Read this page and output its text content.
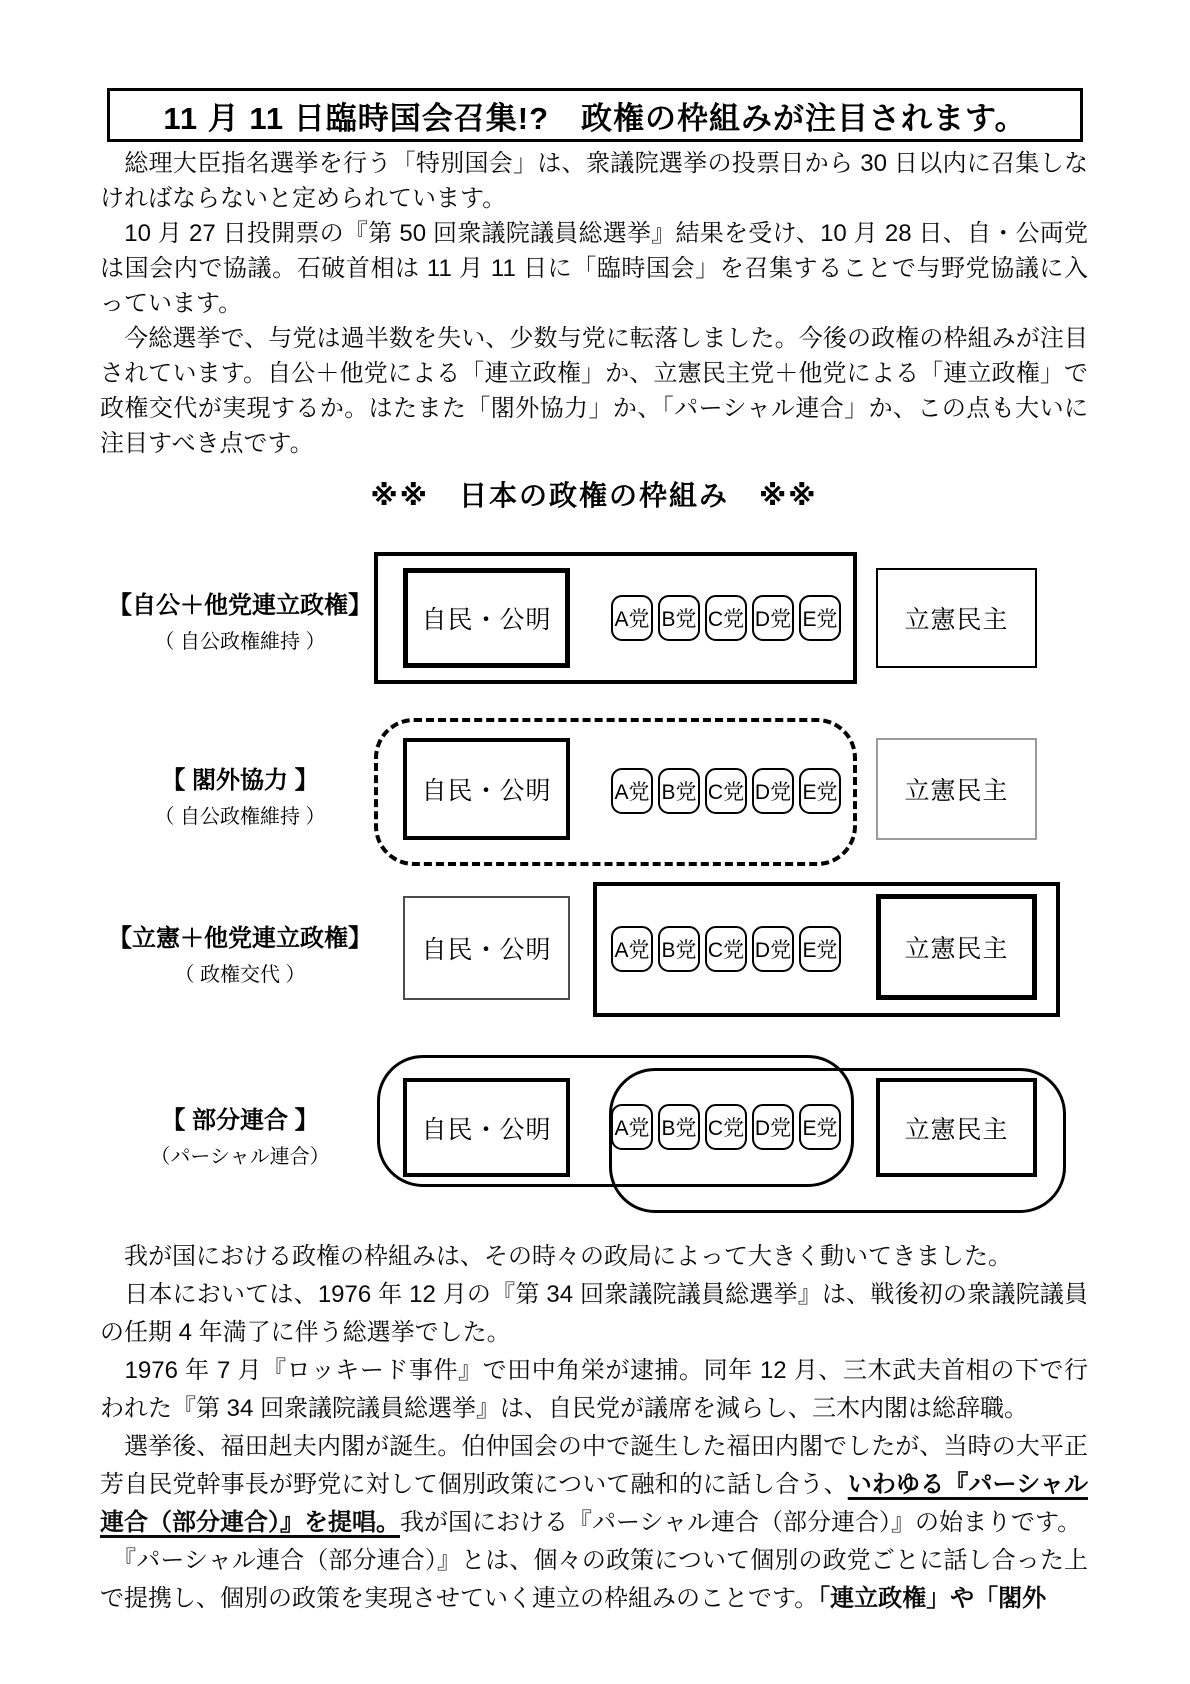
11 月 11 日臨時国会召集!?　政権の枠組みが注目されます。

　総理大臣指名選挙を行う「特別国会」は、衆議院選挙の投票日から 30 日以内に召集しなければならないと定められています。

　10 月 27 日投開票の『第 50 回衆議院議員総選挙』結果を受け、10 月 28 日、自・公両党は国会内で協議。石破首相は 11 月 11 日に「臨時国会」を召集することで与野党協議に入っています。

　今総選挙で、与党は過半数を失い、少数与党に転落しました。今後の政権の枠組みが注目されています。自公＋他党による「連立政権」か、立憲民主党＋他党による「連立政権」で政権交代が実現するか。はたまた「閣外協力」か、「パーシャル連合」か、この点も大いに注目すべき点です。

※※　日本の政権の枠組み　※※
【自公＋他党連立政権】
（ 自公政権維持 ）
自民・公明	A党 B党 C党 D党 E党	立憲民主
【 閣外協力 】
（ 自公政権維持 ）
自民・公明	A党 B党 C党 D党 E党	立憲民主
【立憲＋他党連立政権】
（ 政権交代 ）
自民・公明	A党 B党 C党 D党 E党	立憲民主
【 部分連合 】
（パーシャル連合）
自民・公明	A党 B党 C党 D党 E党	立憲民主

　我が国における政権の枠組みは、その時々の政局によって大きく動いてきました。

　日本においては、1976 年 12 月の『第 34 回衆議院議員総選挙』は、戦後初の衆議院議員の任期 4 年満了に伴う総選挙でした。

　1976 年 7 月『ロッキード事件』で田中角栄が逮捕。同年 12 月、三木武夫首相の下で行われた『第 34 回衆議院議員総選挙』は、自民党が議席を減らし、三木内閣は総辞職。

　選挙後、福田赳夫内閣が誕生。伯仲国会の中で誕生した福田内閣でしたが、当時の大平正芳自民党幹事長が野党に対して個別政策について融和的に話し合う、いわゆる『パーシャル連合（部分連合）』を提唱。我が国における『パーシャル連合（部分連合）』の始まりです。

　『パーシャル連合（部分連合）』とは、個々の政策について個別の政党ごとに話し合った上で提携し、個別の政策を実現させていく連立の枠組みのことです。「連立政権」や「閣外
